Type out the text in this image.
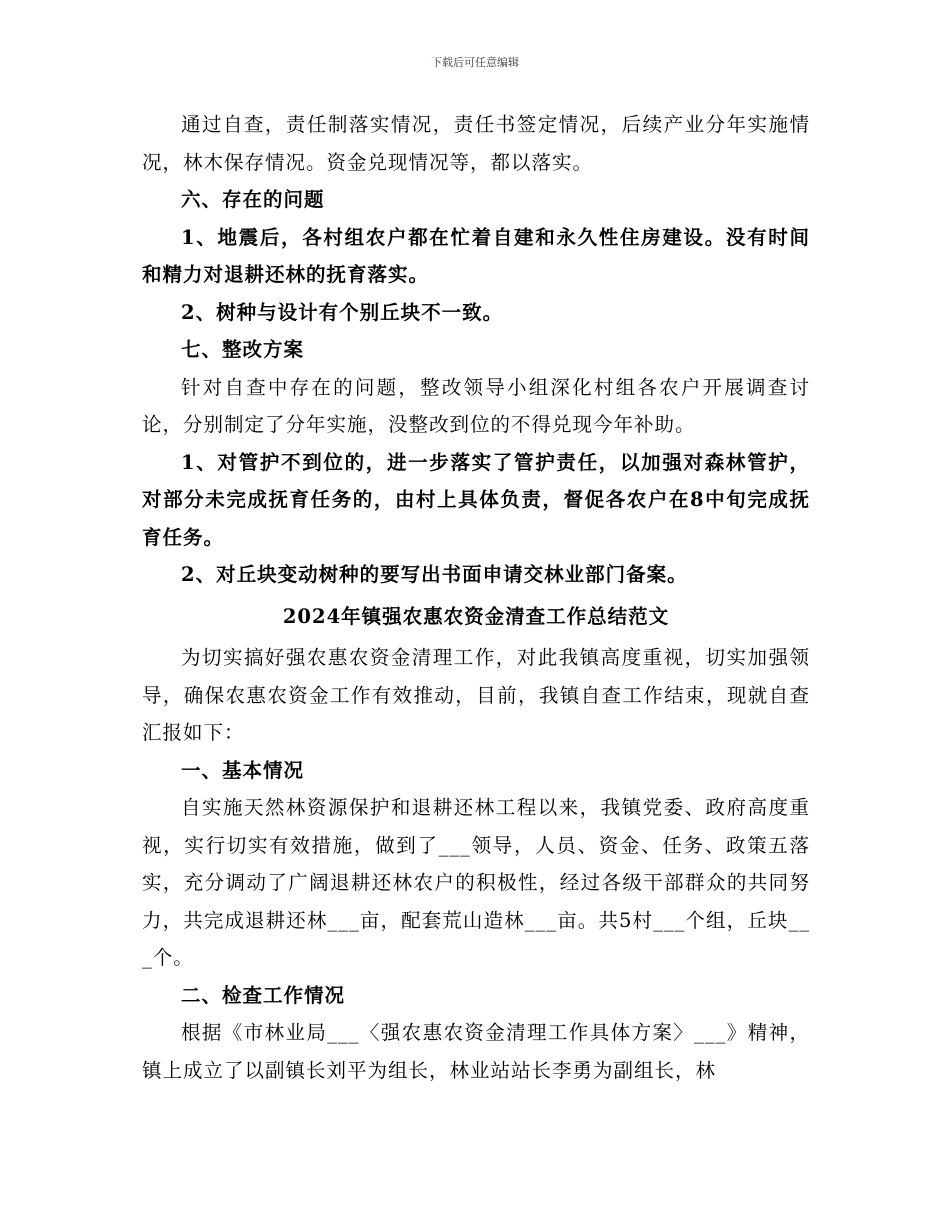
下载后可任意编辑

通过自查，责任制落实情况，责任书签定情况，后续产业分年实施情况，林木保存情况。资金兑现情况等，都以落实。

六、存在的问题

1、地震后，各村组农户都在忙着自建和永久性住房建设。没有时间和精力对退耕还林的抚育落实。

2、树种与设计有个别丘块不一致。

七、整改方案

针对自查中存在的问题，整改领导小组深化村组各农户开展调查讨论，分别制定了分年实施，没整改到位的不得兑现今年补助。

1、对管护不到位的，进一步落实了管护责任，以加强对森林管护，对部分未完成抚育任务的，由村上具体负责，督促各农户在8中旬完成抚育任务。

2、对丘块变动树种的要写出书面申请交林业部门备案。

2024年镇强农惠农资金清查工作总结范文

为切实搞好强农惠农资金清理工作，对此我镇高度重视，切实加强领导，确保农惠农资金工作有效推动，目前，我镇自查工作结束，现就自查汇报如下：

一、基本情况

自实施天然林资源保护和退耕还林工程以来，我镇党委、政府高度重视，实行切实有效措施，做到了___领导，人员、资金、任务、政策五落实，充分调动了广阔退耕还林农户的积极性，经过各级干部群众的共同努力，共完成退耕还林___亩，配套荒山造林___亩。共5村___个组，丘块___个。

二、检查工作情况

根据《市林业局___〈强农惠农资金清理工作具体方案〉___》精神，镇上成立了以副镇长刘平为组长，林业站站长李勇为副组长，林
